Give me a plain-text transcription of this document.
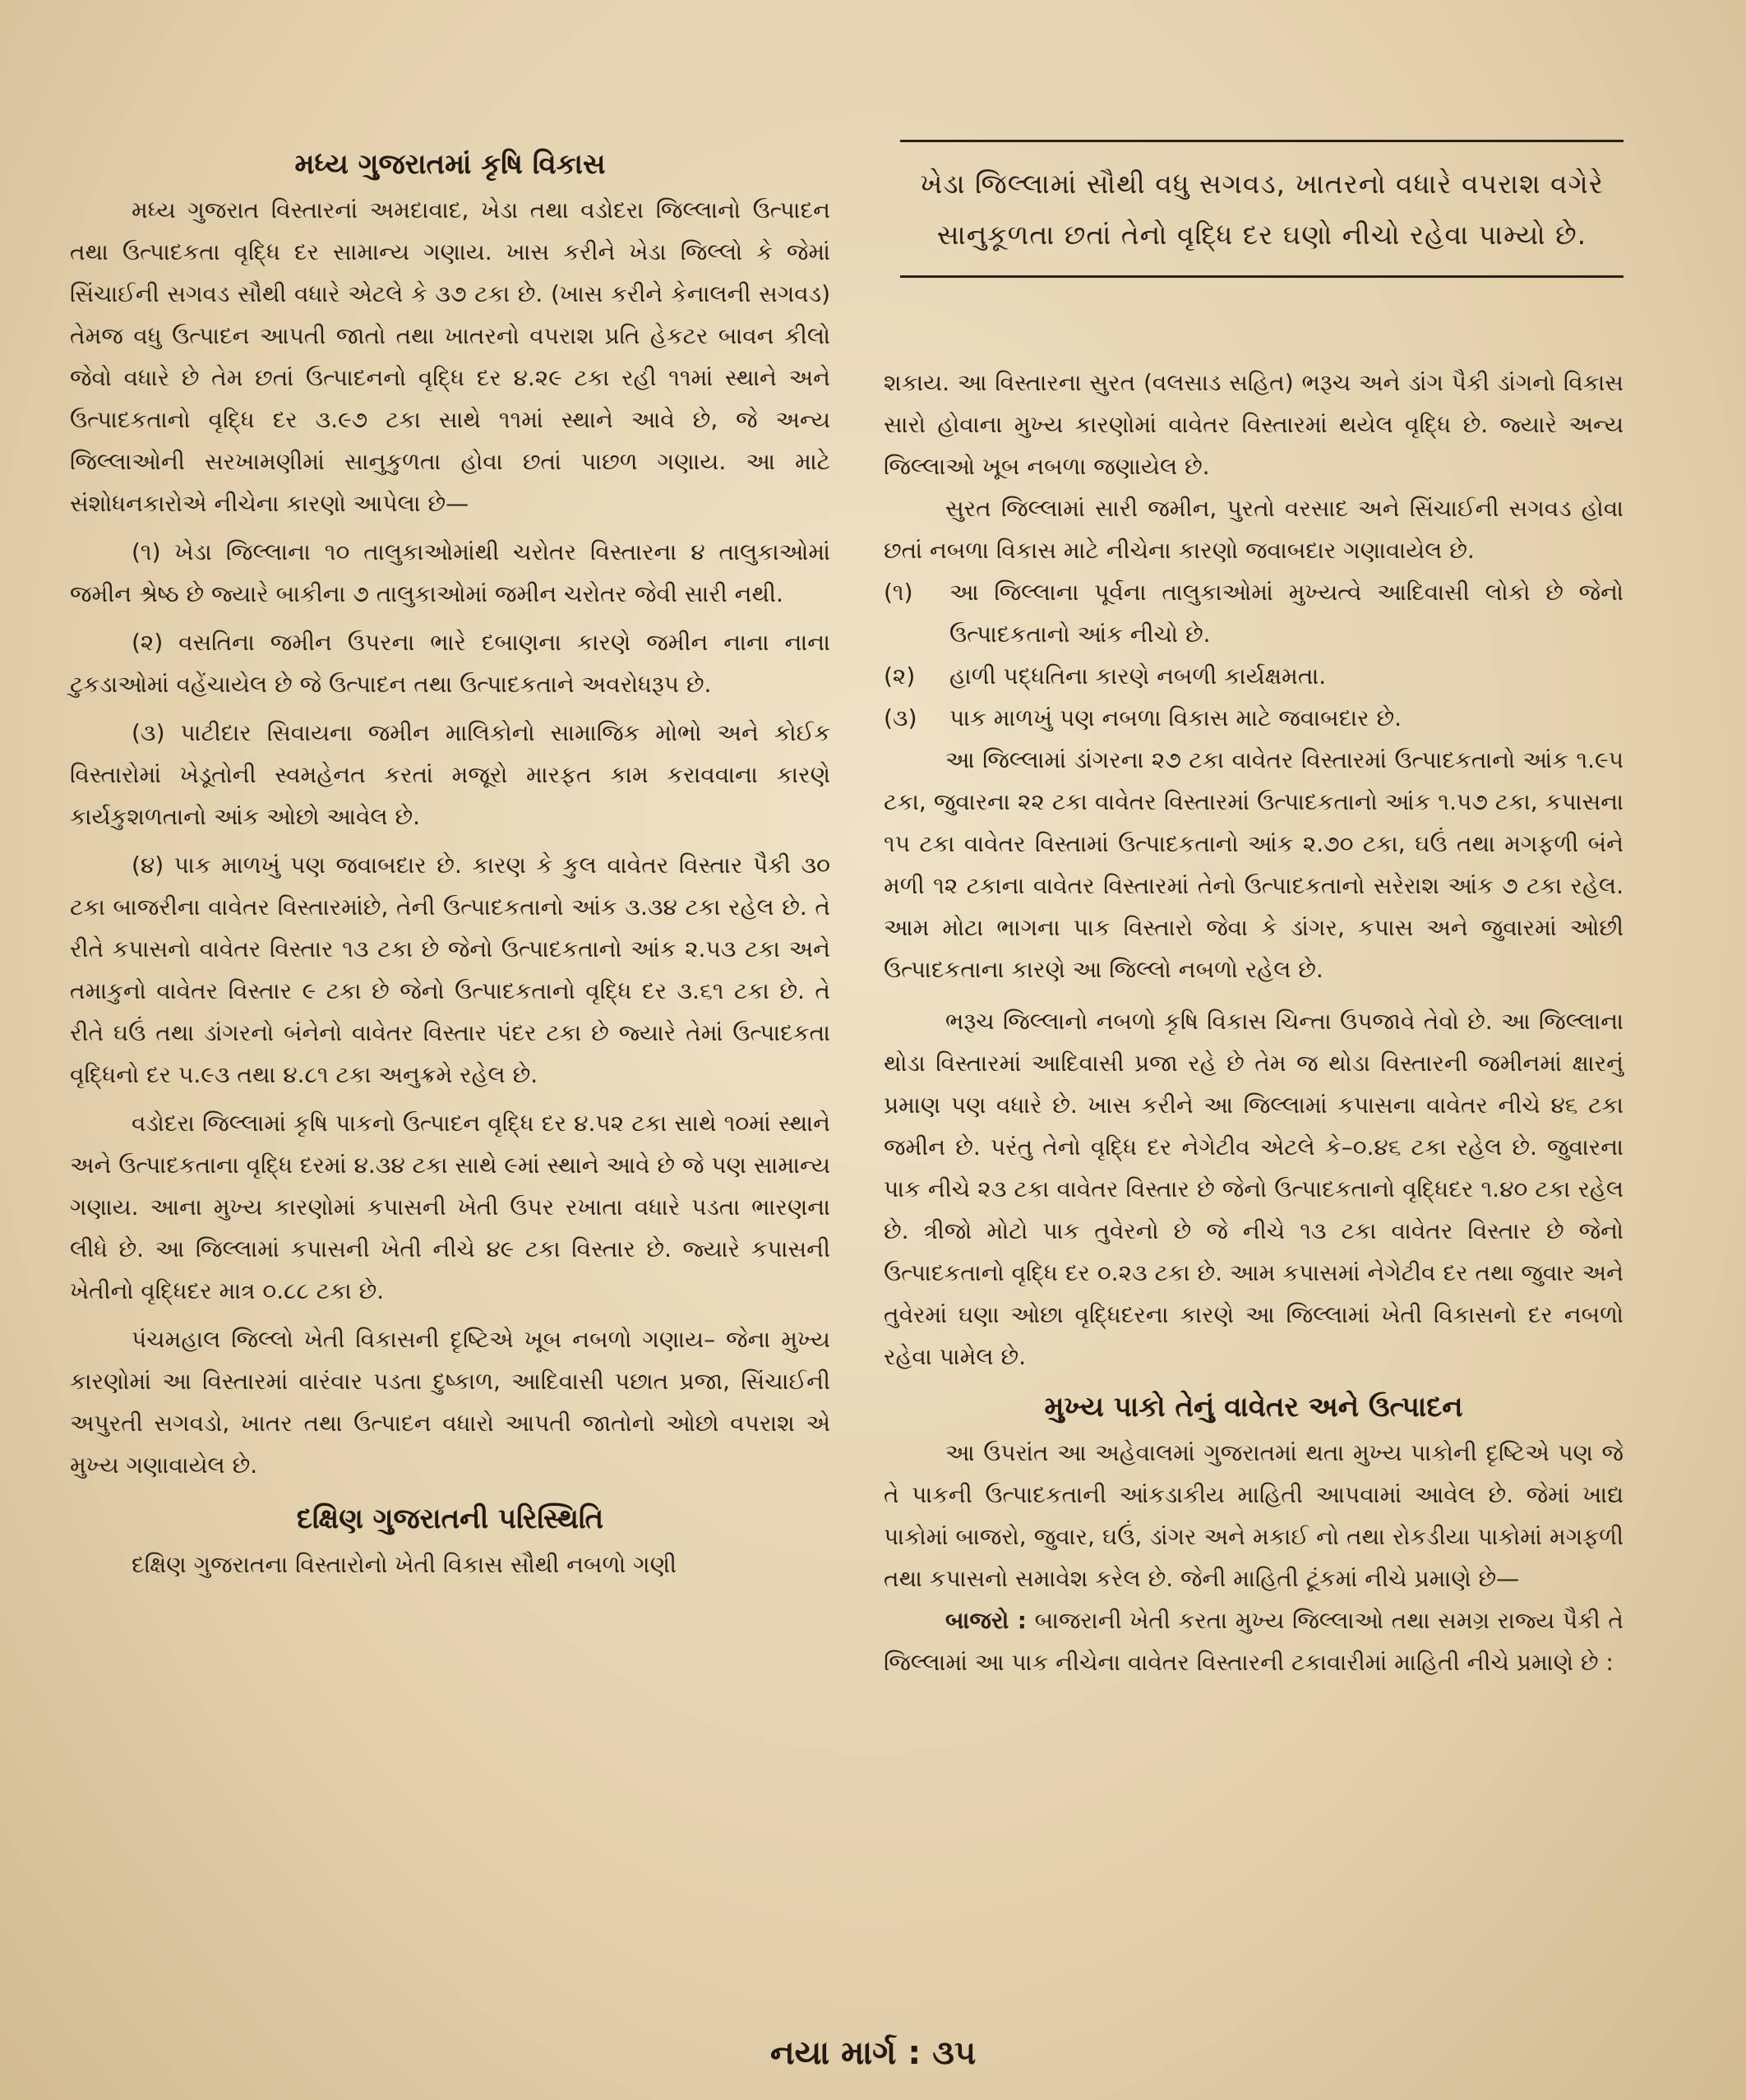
મધ્ય ગુજરાતમાં કૃષિ વિકાસ

મધ્ય ગુજરાત વિસ્તારનાં અમદાવાદ, ખેડા તથા વડોદરા જિલ્લાનો ઉત્પાદન તથા ઉત્પાદકતા વૃદ્ધિ દર સામાન્ય ગણાય. ખાસ કરીને ખેડા જિલ્લો કે જેમાં સિંચાઈની સગવડ સૌથી વધારે એટલે કે ૩૭ ટકા છે. (ખાસ કરીને કેનાલની સગવડ) તેમજ વધુ ઉત્પાદન આપતી જાતો તથા ખાતરનો વપરાશ પ્રતિ હેકટર બાવન કીલો જેવો વધારે છે તેમ છતાં ઉત્પાદનનો વૃદ્ધિ દર ૪.૨૯ ટકા રહી ૧૧માં સ્થાને અને ઉત્પાદકતાનો વૃદ્ધિ દર ૩.૯૭ ટકા સાથે ૧૧માં સ્થાને આવે છે, જે અન્ય જિલ્લાઓની સરખામણીમાં સાનુકુળતા હોવા છતાં પાછળ ગણાય. આ માટે સંશોધનકારોએ નીચેના કારણો આપેલા છે—

(૧) ખેડા જિલ્લાના ૧૦ તાલુકાઓમાંથી ચરોતર વિસ્તારના ૪ તાલુકાઓમાં જમીન શ્રેષ્ઠ છે જ્યારે બાકીના ૭ તાલુકાઓમાં જમીન ચરોતર જેવી સારી નથી.

(૨) વસતિના જમીન ઉપરના ભારે દબાણના કારણે જમીન નાના નાના ટુકડાઓમાં વહેંચાયેલ છે જે ઉત્પાદન તથા ઉત્પાદકતાને અવરોધરૂપ છે.

(૩) પાટીદાર સિવાયના જમીન માલિકોનો સામાજિક મોભો અને કોઈક વિસ્તારોમાં ખેડૂતોની સ્વમહેનત કરતાં મજૂરો મારફત કામ કરાવવાના કારણે કાર્યકુશળતાનો આંક ઓછો આવેલ છે.

(૪) પાક માળખું પણ જવાબદાર છે. કારણ કે કુલ વાવેતર વિસ્તાર પૈકી ૩૦ ટકા બાજરીના વાવેતર વિસ્તારમાંછે, તેની ઉત્પાદકતાનો આંક ૩.૩૪ ટકા રહેલ છે. તે રીતે કપાસનો વાવેતર વિસ્તાર ૧૩ ટકા છે જેનો ઉત્પાદકતાનો આંક ૨.૫૩ ટકા અને તમાકુનો વાવેતર વિસ્તાર ૯ ટકા છે જેનો ઉત્પાદકતાનો વૃદ્ધિ દર ૩.૬૧ ટકા છે. તે રીતે ઘઉં તથા ડાંગરનો બંનેનો વાવેતર વિસ્તાર પંદર ટકા છે જ્યારે તેમાં ઉત્પાદકતા વૃદ્ધિનો દર ૫.૯૩ તથા ૪.૮૧ ટકા અનુક્રમે રહેલ છે.

વડોદરા જિલ્લામાં કૃષિ પાકનો ઉત્પાદન વૃદ્ધિ દર ૪.૫૨ ટકા સાથે ૧૦માં સ્થાને અને ઉત્પાદકતાના વૃદ્ધિ દરમાં ૪.૩૪ ટકા સાથે ૯માં સ્થાને આવે છે જે પણ સામાન્ય ગણાય. આના મુખ્ય કારણોમાં કપાસની ખેતી ઉપર રખાતા વધારે પડતા ભારણના લીધે છે. આ જિલ્લામાં કપાસની ખેતી નીચે ૪૯ ટકા વિસ્તાર છે. જ્યારે કપાસની ખેતીનો વૃદ્ધિદર માત્ર ૦.૮૮ ટકા છે.

પંચમહાલ જિલ્લો ખેતી વિકાસની દૃષ્ટિએ ખૂબ નબળો ગણાય– જેના મુખ્ય કારણોમાં આ વિસ્તારમાં વારંવાર પડતા દુષ્કાળ, આદિવાસી પછાત પ્રજા, સિંચાઈની અપુરતી સગવડો, ખાતર તથા ઉત્પાદન વધારો આપતી જાતોનો ઓછો વપરાશ એ મુખ્ય ગણાવાયેલ છે.

દક્ષિણ ગુજરાતની પરિસ્થિતિ

દક્ષિણ ગુજરાતના વિસ્તારોનો ખેતી વિકાસ સૌથી નબળો ગણી

ખેડા જિલ્લામાં સૌથી વધુ સગવડ, ખાતરનો વધારે વપરાશ વગેરે સાનુકૂળતા છતાં તેનો વૃદ્ધિ દર ઘણો નીચો રહેવા પામ્યો છે.

શકાય. આ વિસ્તારના સુરત (વલસાડ સહિત) ભરૂચ અને ડાંગ પૈકી ડાંગનો વિકાસ સારો હોવાના મુખ્ય કારણોમાં વાવેતર વિસ્તારમાં થયેલ વૃદ્ધિ છે. જ્યારે અન્ય જિલ્લાઓ ખૂબ નબળા જણાયેલ છે.

સુરત જિલ્લામાં સારી જમીન, પુરતો વરસાદ અને સિંચાઈની સગવડ હોવા છતાં નબળા વિકાસ માટે નીચેના કારણો જવાબદાર ગણાવાયેલ છે.

(૧)	આ જિલ્લાના પૂર્વના તાલુકાઓમાં મુખ્યત્વે આદિવાસી લોકો છે જેનો ઉત્પાદકતાનો આંક નીચો છે.
(૨)	હાળી પદ્ધતિના કારણે નબળી કાર્યક્ષમતા.
(૩)	પાક માળખું પણ નબળા વિકાસ માટે જવાબદાર છે.

આ જિલ્લામાં ડાંગરના ૨૭ ટકા વાવેતર વિસ્તારમાં ઉત્પાદકતાનો આંક ૧.૯૫ ટકા, જુવારના ૨૨ ટકા વાવેતર વિસ્તારમાં ઉત્પાદકતાનો આંક ૧.૫૭ ટકા, કપાસના ૧૫ ટકા વાવેતર વિસ્તામાં ઉત્પાદકતાનો આંક ૨.૭૦ ટકા, ઘઉં તથા મગફળી બંને મળી ૧૨ ટકાના વાવેતર વિસ્તારમાં તેનો ઉત્પાદકતાનો સરેરાશ આંક ૭ ટકા રહેલ. આમ મોટા ભાગના પાક વિસ્તારો જેવા કે ડાંગર, કપાસ અને જુવારમાં ઓછી ઉત્પાદકતાના કારણે આ જિલ્લો નબળો રહેલ છે.

ભરૂચ જિલ્લાનો નબળો કૃષિ વિકાસ ચિન્તા ઉપજાવે તેવો છે. આ જિલ્લાના થોડા વિસ્તારમાં આદિવાસી પ્રજા રહે છે તેમ જ થોડા વિસ્તારની જમીનમાં ક્ષારનું પ્રમાણ પણ વધારે છે. ખાસ કરીને આ જિલ્લામાં કપાસના વાવેતર નીચે ૪૬ ટકા જમીન છે. પરંતુ તેનો વૃદ્ધિ દર નેગેટીવ એટલે કે–૦.૪૬ ટકા રહેલ છે. જુવારના પાક નીચે ૨૩ ટકા વાવેતર વિસ્તાર છે જેનો ઉત્પાદકતાનો વૃદ્ધિદર ૧.૪૦ ટકા રહેલ છે. ત્રીજો મોટો પાક તુવેરનો છે જે નીચે ૧૩ ટકા વાવેતર વિસ્તાર છે જેનો ઉત્પાદકતાનો વૃદ્ધિ દર ૦.૨૩ ટકા છે. આમ કપાસમાં નેગેટીવ દર તથા જુવાર અને તુવેરમાં ઘણા ઓછા વૃદ્ધિદરના કારણે આ જિલ્લામાં ખેતી વિકાસનો દર નબળો રહેવા પામેલ છે.

મુખ્ય પાકો તેનું વાવેતર અને ઉત્પાદન

આ ઉપરાંત આ અહેવાલમાં ગુજરાતમાં થતા મુખ્ય પાકોની દૃષ્ટિએ પણ જે તે પાકની ઉત્પાદકતાની આંકડાકીય માહિતી આપવામાં આવેલ છે. જેમાં ખાદ્ય પાકોમાં બાજરો, જુવાર, ઘઉં, ડાંગર અને મકાઈ નો તથા રોકડીયા પાકોમાં મગફળી તથા કપાસનો સમાવેશ કરેલ છે. જેની માહિતી ટૂંકમાં નીચે પ્રમાણે છે—

બાજરો : બાજરાની ખેતી કરતા મુખ્ય જિલ્લાઓ તથા સમગ્ર રાજ્ય પૈકી તે જિલ્લામાં આ પાક નીચેના વાવેતર વિસ્તારની ટકાવારીમાં માહિતી નીચે પ્રમાણે છે :

નયા માર્ગ : ૩૫
